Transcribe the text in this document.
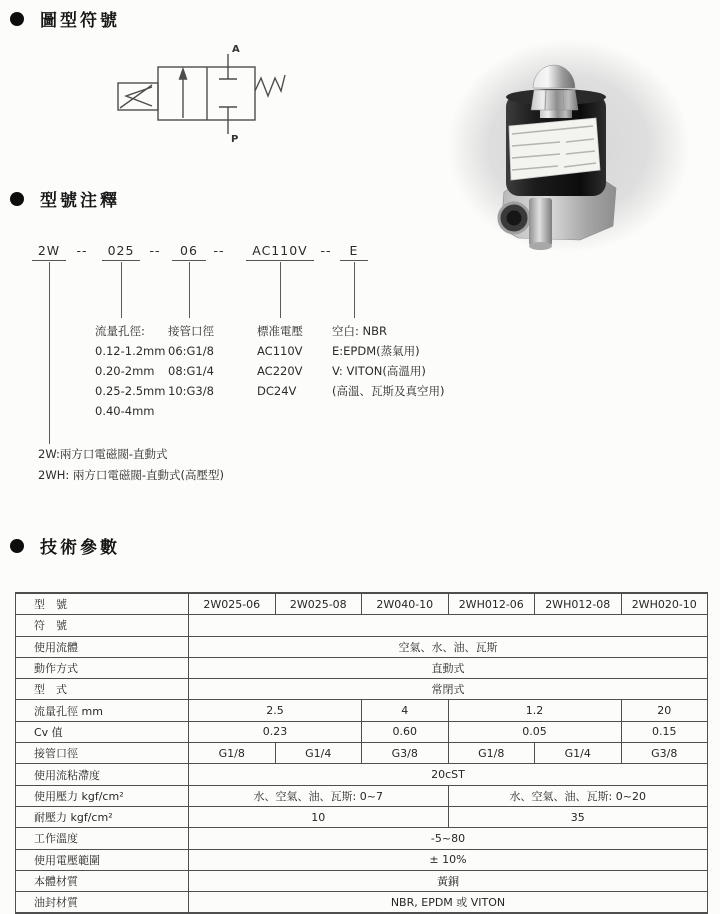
圖型符號
A
P
型號注釋
2W	--	025	--	06	--	AC110V	--	E
流量孔徑:
0.12-1.2mm
0.20-2mm
0.25-2.5mm
0.40-4mm
接管口徑
06:G1/8
08:G1/4
10:G3/8
標准電壓
AC110V
AC220V
DC24V
空白: NBR
E:EPDM(蒸氣用)
V: VITON(高溫用)
(高溫、瓦斯及真空用)
2W:兩方口電磁閥-直動式
2WH: 兩方口電磁閥-直動式(高壓型)
技術參數
型　號	2W025-06	2W025-08	2W040-10	2WH012-06	2WH012-08	2WH020-10
符　號						
使用流體	空氣、水、油、瓦斯					
動作方式	直動式					
型　式	常閉式					
流量孔徑 mm	2.5		4	1.2		20
Cv 值	0.23		0.60	0.05		0.15
接管口徑	G1/8	G1/4	G3/8	G1/8	G1/4	G3/8
使用流粘滯度	20cST					
使用壓力 kgf/cm²	水、空氣、油、瓦斯: 0~7			水、空氣、油、瓦斯: 0~20		
耐壓力 kgf/cm²	10			35		
工作溫度	-5~80					
使用電壓範圍	± 10%					
本體材質	黃銅					
油封材質	NBR, EPDM 或 VITON					
